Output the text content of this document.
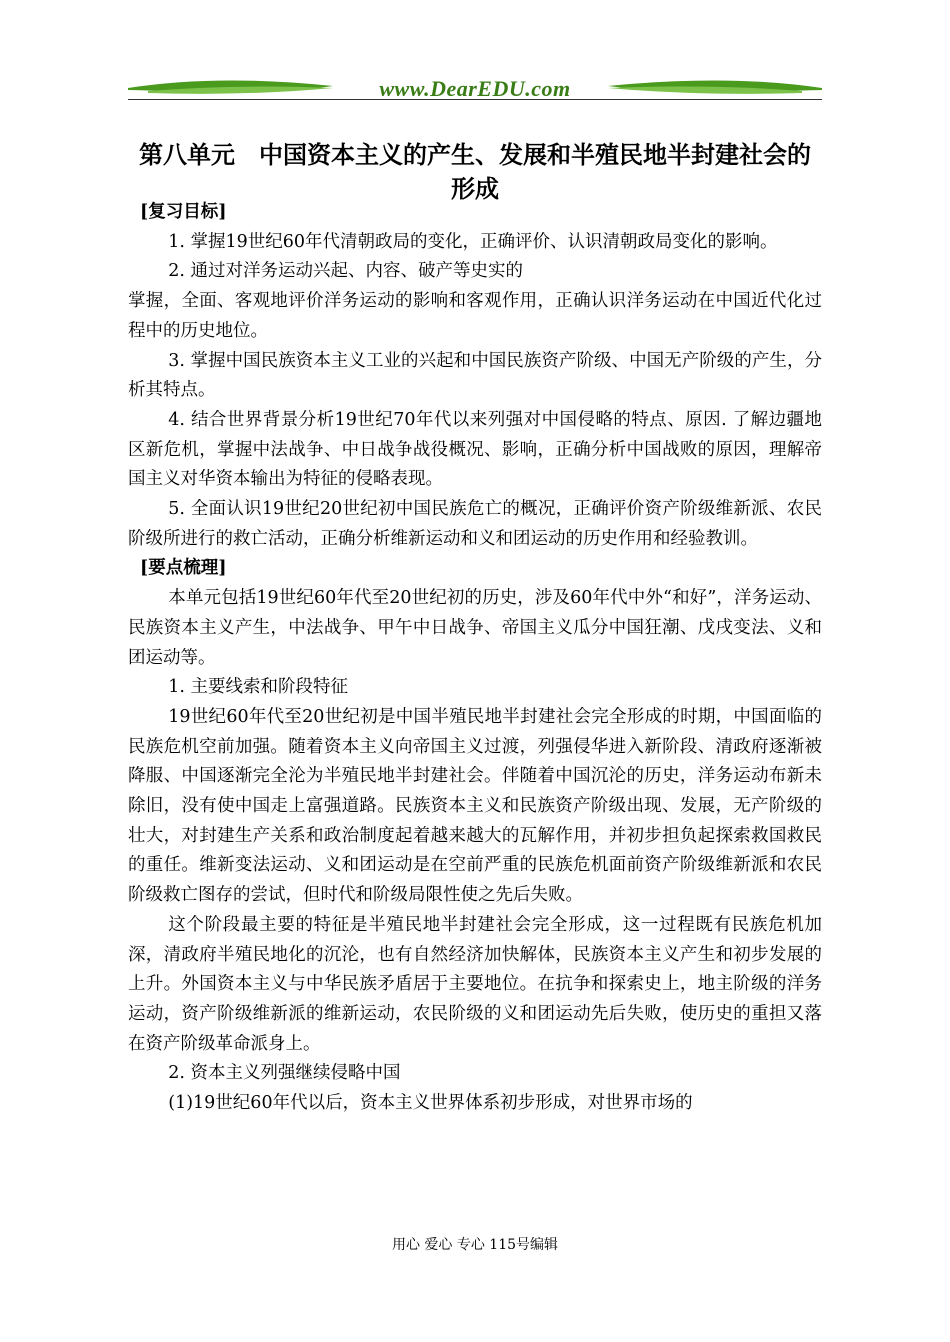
www.DearEDU.com
第八单元　中国资本主义的产生、发展和半殖民地半封建社会的形成

[复习目标]

1. 掌握19世纪60年代清朝政局的变化，正确评价、认识清朝政局变化的影响。

2. 通过对洋务运动兴起、内容、破产等史实的

掌握，全面、客观地评价洋务运动的影响和客观作用，正确认识洋务运动在中国近代化过程中的历史地位。

3. 掌握中国民族资本主义工业的兴起和中国民族资产阶级、中国无产阶级的产生，分析其特点。

4. 结合世界背景分析19世纪70年代以来列强对中国侵略的特点、原因. 了解边疆地区新危机，掌握中法战争、中日战争战役概况、影响，正确分析中国战败的原因，理解帝国主义对华资本输出为特征的侵略表现。

5. 全面认识19世纪20世纪初中国民族危亡的概况，正确评价资产阶级维新派、农民阶级所进行的救亡活动，正确分析维新运动和义和团运动的历史作用和经验教训。

[要点梳理]

本单元包括19世纪60年代至20世纪初的历史，涉及60年代中外“和好”，洋务运动、民族资本主义产生，中法战争、甲午中日战争、帝国主义瓜分中国狂潮、戊戌变法、义和团运动等。

1. 主要线索和阶段特征

19世纪60年代至20世纪初是中国半殖民地半封建社会完全形成的时期，中国面临的民族危机空前加强。随着资本主义向帝国主义过渡，列强侵华进入新阶段、清政府逐渐被降服、中国逐渐完全沦为半殖民地半封建社会。伴随着中国沉沦的历史，洋务运动布新未除旧，没有使中国走上富强道路。民族资本主义和民族资产阶级出现、发展，无产阶级的壮大，对封建生产关系和政治制度起着越来越大的瓦解作用，并初步担负起探索救国救民的重任。维新变法运动、义和团运动是在空前严重的民族危机面前资产阶级维新派和农民阶级救亡图存的尝试，但时代和阶级局限性使之先后失败。

这个阶段最主要的特征是半殖民地半封建社会完全形成，这一过程既有民族危机加深，清政府半殖民地化的沉沦，也有自然经济加快解体，民族资本主义产生和初步发展的上升。外国资本主义与中华民族矛盾居于主要地位。在抗争和探索史上，地主阶级的洋务运动，资产阶级维新派的维新运动，农民阶级的义和团运动先后失败，使历史的重担又落在资产阶级革命派身上。

2. 资本主义列强继续侵略中国

(1)19世纪60年代以后，资本主义世界体系初步形成，对世界市场的

用心 爱心 专心 115号编辑
